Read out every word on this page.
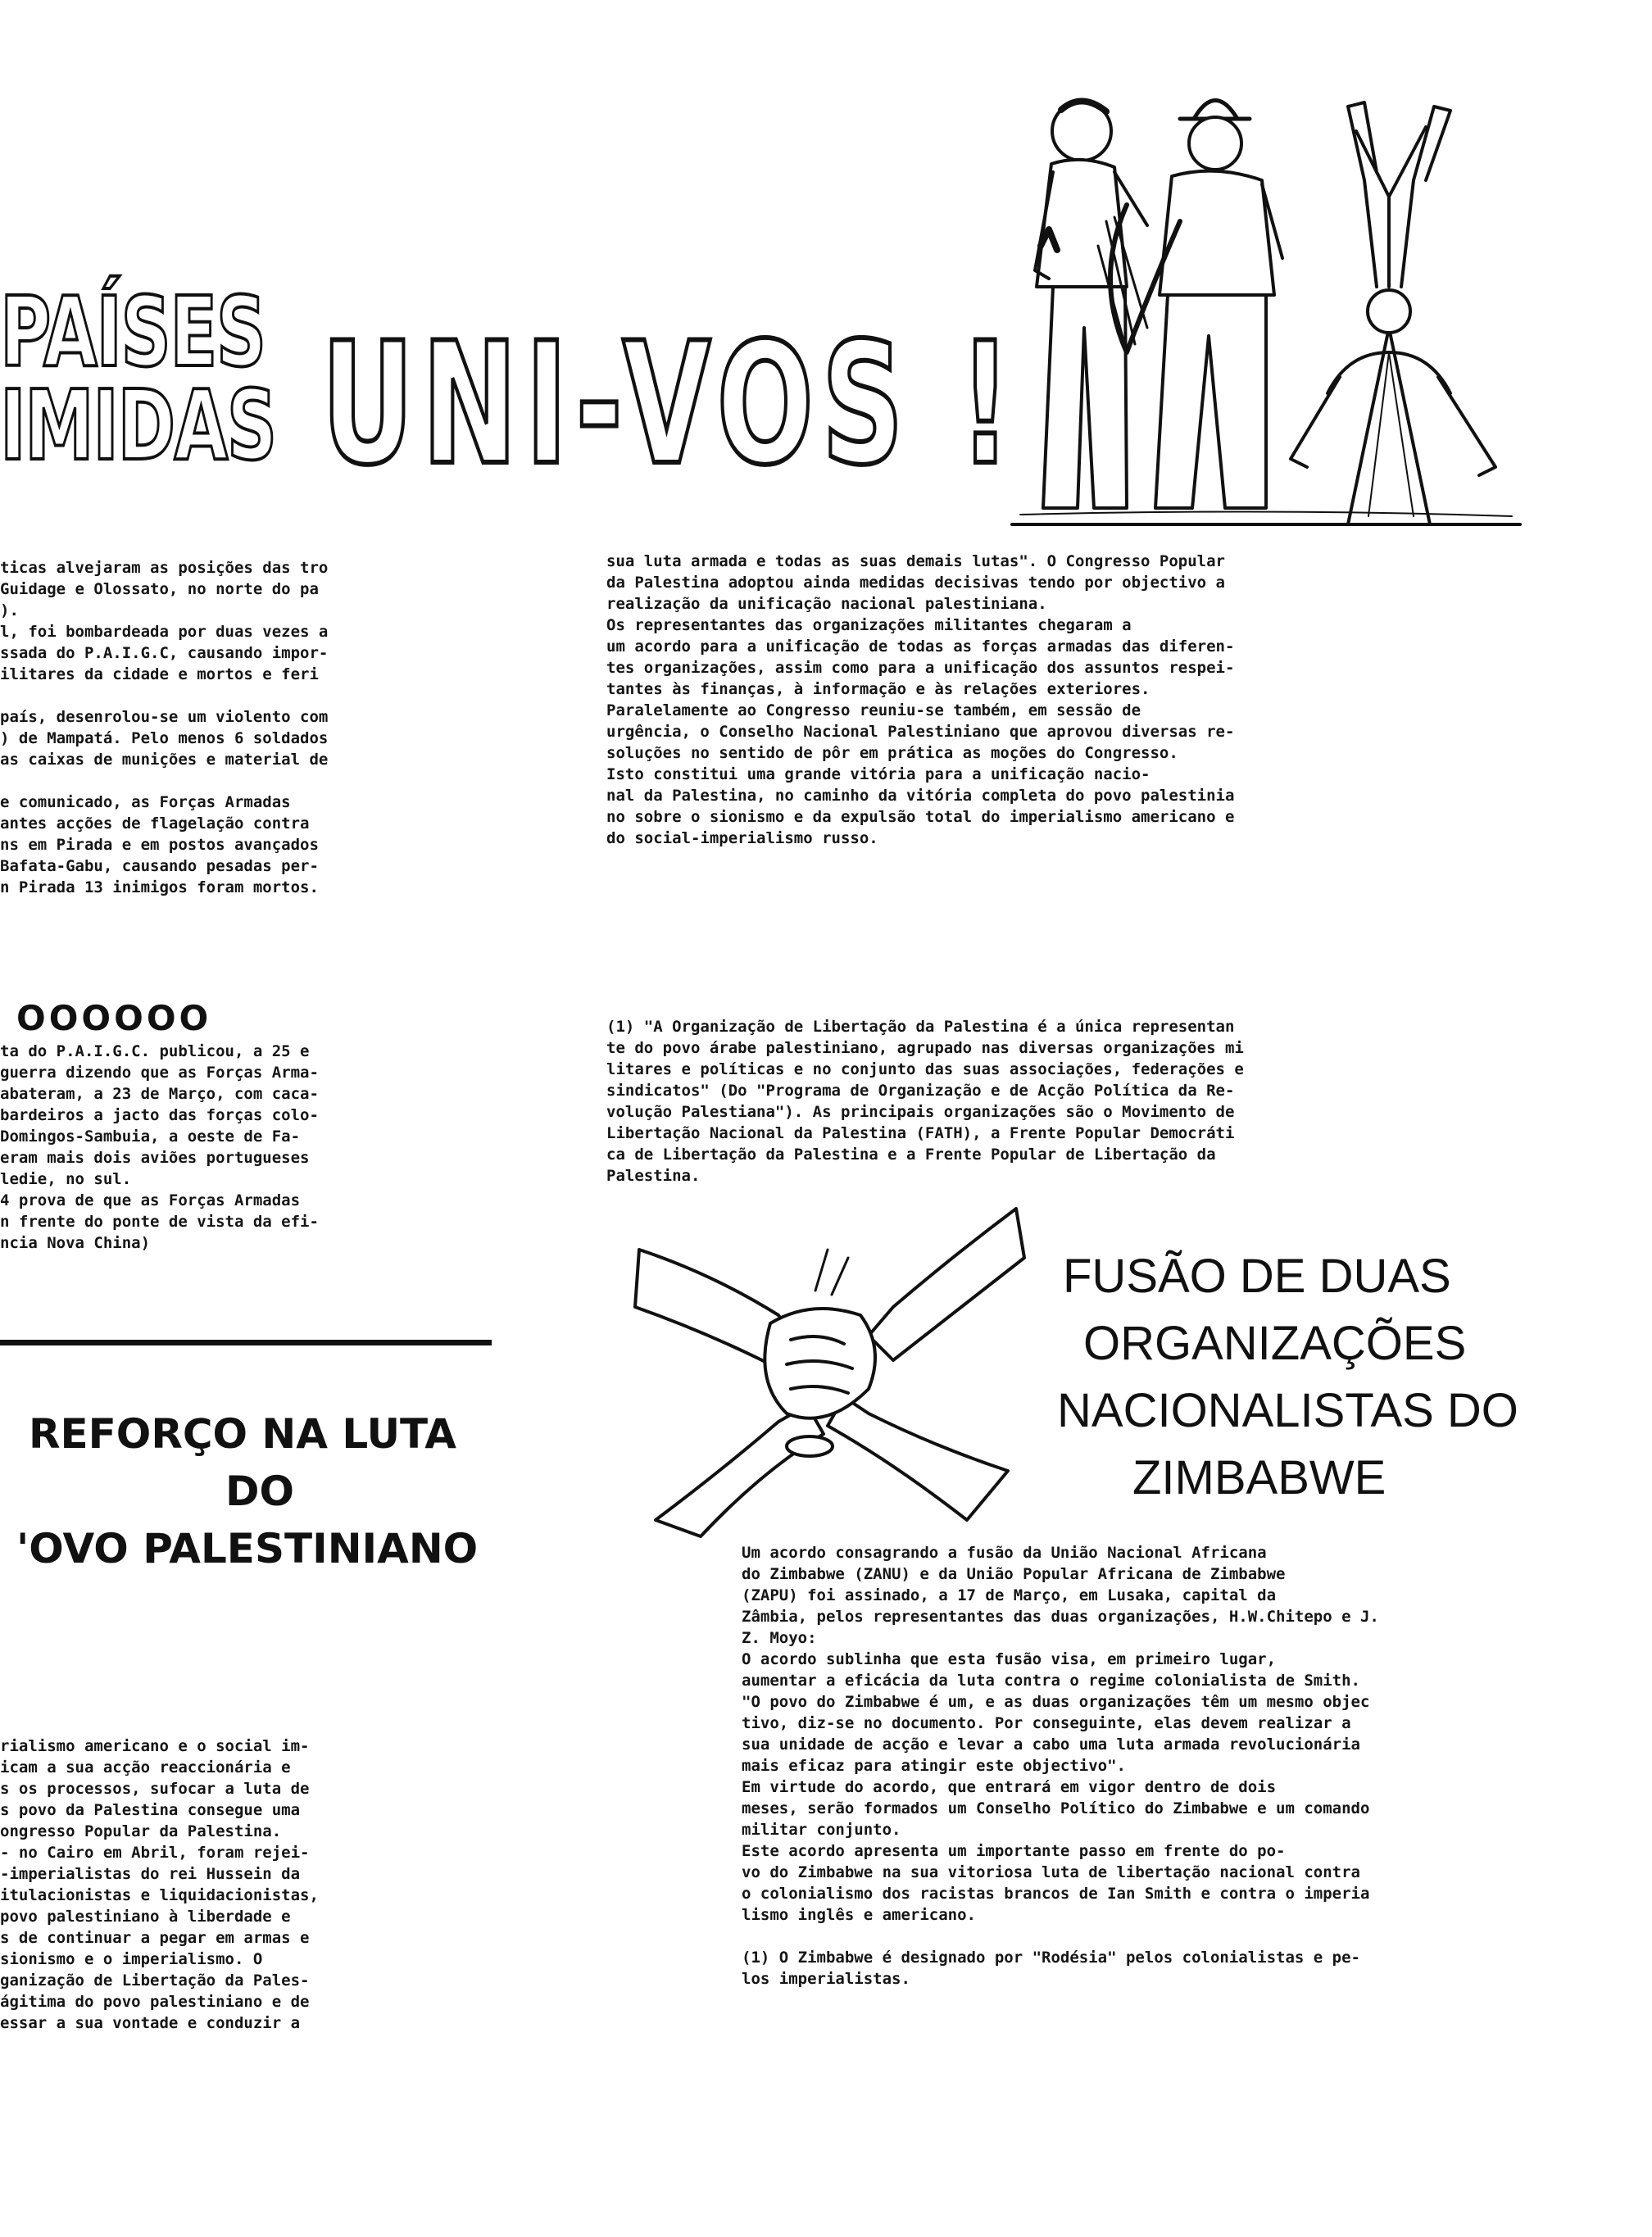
PAÍSES
IMIDAS UNI-VOS !
ticas alvejaram as posições das tro
Guidage e Olossato, no norte do pa
).
l, foi bombardeada por duas vezes a
ssada do P.A.I.G.C, causando impor-
ilitares da cidade e mortos e feri
país, desenrolou-se um violento com
) de Mampatá. Pelo menos 6 soldados
as caixas de munições e material de
e comunicado, as Forças Armadas
antes acções de flagelação contra
ns em Pirada e em postos avançados
Bafata-Gabu, causando pesadas per-
n Pirada 13 inimigos foram mortos.
OOOOOO
ta do P.A.I.G.C. publicou, a 25 e
guerra dizendo que as Forças Arma-
abateram, a 23 de Março, com caca-
bardeiros a jacto das forças colo-
Domingos-Sambuia, a oeste de Fa-
eram mais dois aviões portugueses
ledie, no sul.
4 prova de que as Forças Armadas
n frente do ponte de vista da efi-
ncia Nova China)
REFORÇO NA LUTA
DO
'OVO PALESTINIANO
rialismo americano e o social im-
icam a sua acção reaccionária e
s os processos, sufocar a luta de
s povo da Palestina consegue uma
ongresso Popular da Palestina.
- no Cairo em Abril, foram rejei-
-imperialistas do rei Hussein da
itulacionistas e liquidacionistas,
povo palestiniano à liberdade e
s de continuar a pegar em armas e
sionismo e o imperialismo. O
ganização de Libertação da Pales-
ágitima do povo palestiniano e de
essar a sua vontade e conduzir a
sua luta armada e todas as suas demais lutas". O Congresso Popular
da Palestina adoptou ainda medidas decisivas tendo por objectivo a
realização da unificação nacional palestiniana.
Os representantes das organizações militantes chegaram a
um acordo para a unificação de todas as forças armadas das diferen-
tes organizações, assim como para a unificação dos assuntos respei-
tantes às finanças, à informação e às relações exteriores.
Paralelamente ao Congresso reuniu-se também, em sessão de
urgência, o Conselho Nacional Palestiniano que aprovou diversas re-
soluções no sentido de pôr em prática as moções do Congresso.
Isto constitui uma grande vitória para a unificação nacio-
nal da Palestina, no caminho da vitória completa do povo palestinia
no sobre o sionismo e da expulsão total do imperialismo americano e
do social-imperialismo russo.
(1) "A Organização de Libertação da Palestina é a única representan
te do povo árabe palestiniano, agrupado nas diversas organizações mi
litares e políticas e no conjunto das suas associações, federações e
sindicatos" (Do "Programa de Organização e de Acção Política da Re-
volução Palestiana"). As principais organizações são o Movimento de
Libertação Nacional da Palestina (FATH), a Frente Popular Democráti
ca de Libertação da Palestina e a Frente Popular de Libertação da
Palestina.
FUSÃO DE DUAS
ORGANIZAÇÕES
NACIONALISTAS DO
ZIMBABWE
Um acordo consagrando a fusão da União Nacional Africana
do Zimbabwe (ZANU) e da União Popular Africana de Zimbabwe
(ZAPU) foi assinado, a 17 de Março, em Lusaka, capital da
Zâmbia, pelos representantes das duas organizações, H.W.Chitepo e J.
Z. Moyo:
O acordo sublinha que esta fusão visa, em primeiro lugar,
aumentar a eficácia da luta contra o regime colonialista de Smith.
"O povo do Zimbabwe é um, e as duas organizações têm um mesmo objec
tivo, diz-se no documento. Por conseguinte, elas devem realizar a
sua unidade de acção e levar a cabo uma luta armada revolucionária
mais eficaz para atingir este objectivo".
Em virtude do acordo, que entrará em vigor dentro de dois
meses, serão formados um Conselho Político do Zimbabwe e um comando
militar conjunto.
Este acordo apresenta um importante passo em frente do po-
vo do Zimbabwe na sua vitoriosa luta de libertação nacional contra
o colonialismo dos racistas brancos de Ian Smith e contra o imperia
lismo inglês e americano.
(1) O Zimbabwe é designado por "Rodésia" pelos colonialistas e pe-
los imperialistas.
